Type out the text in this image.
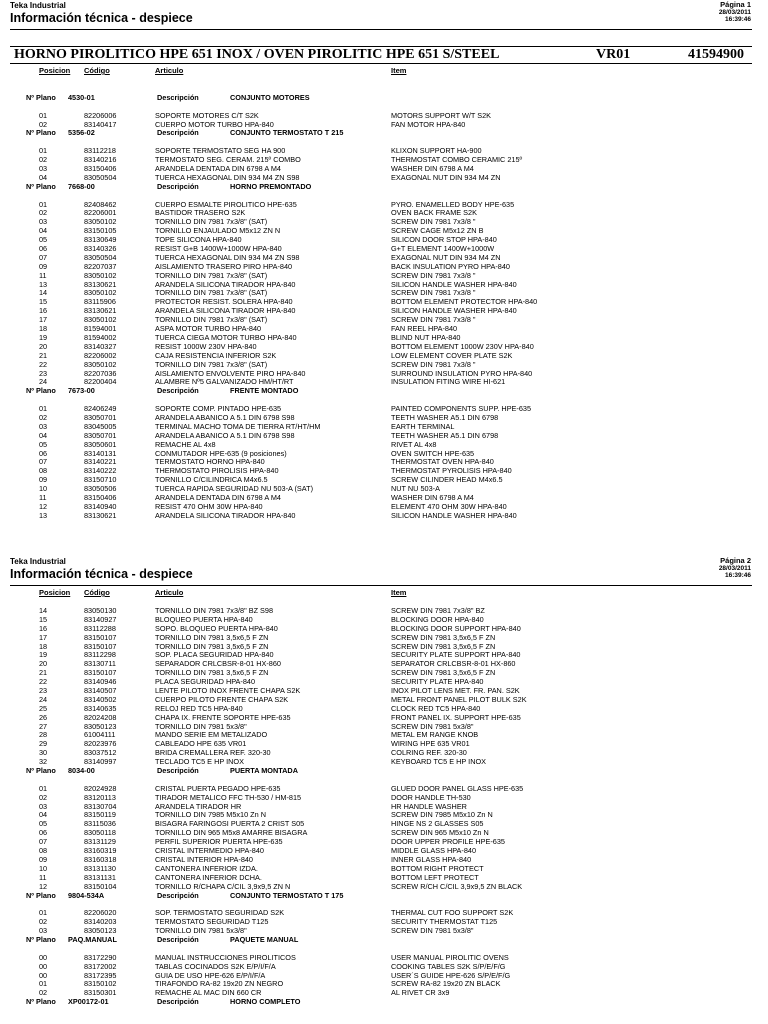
Teka Industrial
Información técnica - despiece
Página 1
28/03/2011
16:39:46
HORNO PIROLITICO HPE 651 INOX / OVEN PIROLITIC HPE 651 S/STEEL	VR01	41594900
Posicion Código	Articulo	Item
Nº Plano 4530-01	Descripción	CONJUNTO MOTORES
01	82206006	SOPORTE MOTORES C/T S2K	MOTORS SUPPORT W/T S2K
02	83140417	CUERPO MOTOR TURBO HPA-840	FAN MOTOR HPA-840
Nº Plano 5356-02	Descripción	CONJUNTO TERMOSTATO T 215
01	83112218	SOPORTE TERMOSTATO SEG HA 900	KLIXON SUPPORT HA-900
02	83140216	TERMOSTATO SEG. CERAM. 215º COMBO	THERMOSTAT COMBO CERAMIC 215º
03	83150406	ARANDELA DENTADA DIN 6798 A M4	WASHER DIN 6798 A M4
04	83050504	TUERCA HEXAGONAL DIN 934 M4 ZN S98	EXAGONAL NUT DIN 934 M4 ZN
Nº Plano 7668-00	Descripción	HORNO PREMONTADO
01	82408462	CUERPO ESMALTE PIROLITICO HPE-635	PYRO. ENAMELLED BODY HPE-635
02	82206001	BASTIDOR TRASERO S2K	OVEN BACK FRAME S2K
03	83050102	TORNILLO DIN 7981 7x3/8" (SAT)	SCREW DIN 7981 7x3/8 "
04	83150105	TORNILLO ENJAULADO M5x12 ZN N	SCREW CAGE M5x12 ZN B
05	83130649	TOPE SILICONA HPA-840	SILICON DOOR STOP HPA-840
06	83140326	RESIST G+B 1400W+1000W HPA-840	G+T ELEMENT 1400W+1000W
07	83050504	TUERCA HEXAGONAL DIN 934 M4 ZN S98	EXAGONAL NUT DIN 934 M4 ZN
09	82207037	AISLAMIENTO TRASERO PIRO HPA-840	BACK INSULATION PYRO HPA-840
11	83050102	TORNILLO DIN 7981 7x3/8" (SAT)	SCREW DIN 7981 7x3/8 "
13	83130621	ARANDELA SILICONA TIRADOR HPA-840	SILICON HANDLE WASHER HPA-840
14	83050102	TORNILLO DIN 7981 7x3/8" (SAT)	SCREW DIN 7981 7x3/8 "
15	83115906	PROTECTOR RESIST. SOLERA HPA-840	BOTTOM ELEMENT PROTECTOR HPA-840
16	83130621	ARANDELA SILICONA TIRADOR HPA-840	SILICON HANDLE WASHER HPA-840
17	83050102	TORNILLO DIN 7981 7x3/8" (SAT)	SCREW DIN 7981 7x3/8 "
18	81594001	ASPA MOTOR TURBO HPA-840	FAN REEL HPA-840
19	81594002	TUERCA CIEGA MOTOR TURBO HPA-840	BLIND NUT HPA-840
20	83140327	RESIST 1000W 230V HPA-840	BOTTOM ELEMENT 1000W 230V HPA-840
21	82206002	CAJA RESISTENCIA INFERIOR S2K	LOW ELEMENT COVER PLATE S2K
22	83050102	TORNILLO DIN 7981 7x3/8" (SAT)	SCREW DIN 7981 7x3/8 "
23	82207036	AISLAMIENTO ENVOLVENTE PIRO HPA-840	SURROUND INSULATION PYRO HPA-840
24	82200404	ALAMBRE Nº5 GALVANIZADO HM/HT/RT	INSULATION FITING WIRE HI-621
Nº Plano 7673-00	Descripción	FRENTE MONTADO
01	82406249	SOPORTE COMP. PINTADO HPE-635	PAINTED COMPONENTS SUPP. HPE-635
02	83050701	ARANDELA ABANICO A 5.1 DIN 6798 S98	TEETH WASHER A5.1 DIN 6798
03	83045005	TERMINAL MACHO TOMA DE TIERRA RT/HT/HM	EARTH TERMINAL
04	83050701	ARANDELA ABANICO A 5.1 DIN 6798 S98	TEETH WASHER A5.1 DIN 6798
05	83050601	REMACHE AL 4x8	RIVET AL 4x8
06	83140131	CONMUTADOR HPE-635 (9 posiciones)	OVEN SWITCH HPE-635
07	83140221	TERMOSTATO HORNO HPA-840	THERMOSTAT OVEN HPA-840
08	83140222	THERMOSTATO PIROLISIS HPA-840	THERMOSTAT PYROLISIS HPA-840
09	83150710	TORNILLO C/CILINDRICA M4x6.5	SCREW CILINDER HEAD M4x6.5
10	83050506	TUERCA RAPIDA SEGURIDAD NU 503-A (SAT)	NUT NU 503-A
11	83150406	ARANDELA DENTADA DIN 6798 A M4	WASHER DIN 6798 A M4
12	83140940	RESIST 470 OHM 30W HPA-840	ELEMENT 470 OHM 30W HPA-840
13	83130621	ARANDELA SILICONA TIRADOR HPA-840	SILICON HANDLE WASHER HPA-840
Teka Industrial
Información técnica - despiece
Página 2
28/03/2011
16:39:46
Posicion Código	Articulo	Item
14	83050130	TORNILLO DIN 7981 7x3/8" BZ S98	SCREW DIN 7981 7x3/8" BZ
15	83140927	BLOQUEO PUERTA HPA-840	BLOCKING DOOR HPA-840
16	83112288	SOPO. BLOQUEO PUERTA HPA-840	BLOCKING DOOR SUPPORT HPA-840
17	83150107	TORNILLO DIN 7981 3,5x6,5 F ZN	SCREW DIN 7981 3,5x6,5 F ZN
18	83150107	TORNILLO DIN 7981 3,5x6,5 F ZN	SCREW DIN 7981 3,5x6,5 F ZN
19	83112298	SOP. PLACA SEGURIDAD HPA-840	SECURITY PLATE SUPPORT HPA-840
20	83130711	SEPARADOR CRLCBSR-8-01 HX-860	SEPARATOR CRLCBSR-8-01 HX-860
21	83150107	TORNILLO DIN 7981 3,5x6,5 F ZN	SCREW DIN 7981 3,5x6,5 F ZN
22	83140946	PLACA SEGURIDAD HPA-840	SECURITY PLATE HPA-840
23	83140507	LENTE PILOTO INOX FRENTE CHAPA S2K	INOX PILOT LENS MET. FR. PAN. S2K
24	83140502	CUERPO PILOTO FRENTE CHAPA S2K	METAL FRONT PANEL PILOT BULK S2K
25	83140635	RELOJ RED TC5 HPA-840	CLOCK RED TC5 HPA-840
26	82024208	CHAPA IX. FRENTE SOPORTE HPE-635	FRONT PANEL IX. SUPPORT HPE-635
27	83050123	TORNILLO DIN 7981 5x3/8"	SCREW DIN 7981 5x3/8"
28	61004111	MANDO SERIE EM METALIZADO	METAL EM RANGE KNOB
29	82023976	CABLEADO HPE 635 VR01	WIRING HPE 635 VR01
30	83037512	BRIDA CREMALLERA REF. 320-30	COLRING REF. 320-30
32	83140997	TECLADO TC5 E HP INOX	KEYBOARD TC5 E HP INOX
Nº Plano 8034-00	Descripción	PUERTA MONTADA
01	82024928	CRISTAL PUERTA PEGADO HPE-635	GLUED DOOR PANEL GLASS HPE-635
02	83120113	TIRADOR METALICO FFC TH-530 / HM-815	DOOR HANDLE TH-530
03	83130704	ARANDELA TIRADOR HR	HR HANDLE WASHER
04	83150119	TORNILLO DIN 7985 M5x10 Zn N	SCREW DIN 7985 M5x10 Zn N
05	83115036	BISAGRA FARINGOSI PUERTA 2 CRIST S05	HINGE NS 2 GLASSES S05
06	83050118	TORNILLO DIN 965 M5x8 AMARRE BISAGRA	SCREW DIN 965 M5x10 Zn N
07	83131129	PERFIL SUPERIOR PUERTA HPE-635	DOOR UPPER PROFILE HPE-635
08	83160319	CRISTAL INTERMEDIO HPA-840	MIDDLE GLASS HPA-840
09	83160318	CRISTAL INTERIOR HPA-840	INNER GLASS HPA-840
10	83131130	CANTONERA INFERIOR IZDA.	BOTTOM RIGHT PROTECT
11	83131131	CANTONERA INFERIOR DCHA.	BOTTOM LEFT PROTECT
12	83150104	TORNILLO R/CHAPA C/CIL 3,9x9,5 ZN N	SCREW R/CH C/CIL 3,9x9,5 ZN BLACK
Nº Plano 9804-534A	Descripción	CONJUNTO TERMOSTATO T 175
01	82206020	SOP. TERMOSTATO SEGURIDAD S2K	THERMAL CUT FOO SUPPORT S2K
02	83140203	TERMOSTATO SEGURIDAD T125	SECURITY THERMOSTAT T125
03	83050123	TORNILLO DIN 7981 5x3/8"	SCREW DIN 7981 5x3/8"
Nº Plano PAQ.MANUAL	Descripción	PAQUETE MANUAL
00	83172290	MANUAL INSTRUCCIONES PIROLITICOS	USER MANUAL PIROLITIC OVENS
00	83172002	TABLAS COCINADOS S2K E/P/I/F/A	COOKING TABLES S2K S/P/E/F/G
00	83172395	GUIA DE USO HPE-626 E/P/I/F/A	USER´S GUIDE HPE-626 S/P/E/F/G
01	83150102	TIRAFONDO RA-82 19x20 ZN NEGRO	SCREW RA-82 19x20 ZN BLACK
02	83150301	REMACHE AL MAC DIN 660 CR	AL RIVET CR 3x9
Nº Plano XP00172-01	Descripción	HORNO COMPLETO
